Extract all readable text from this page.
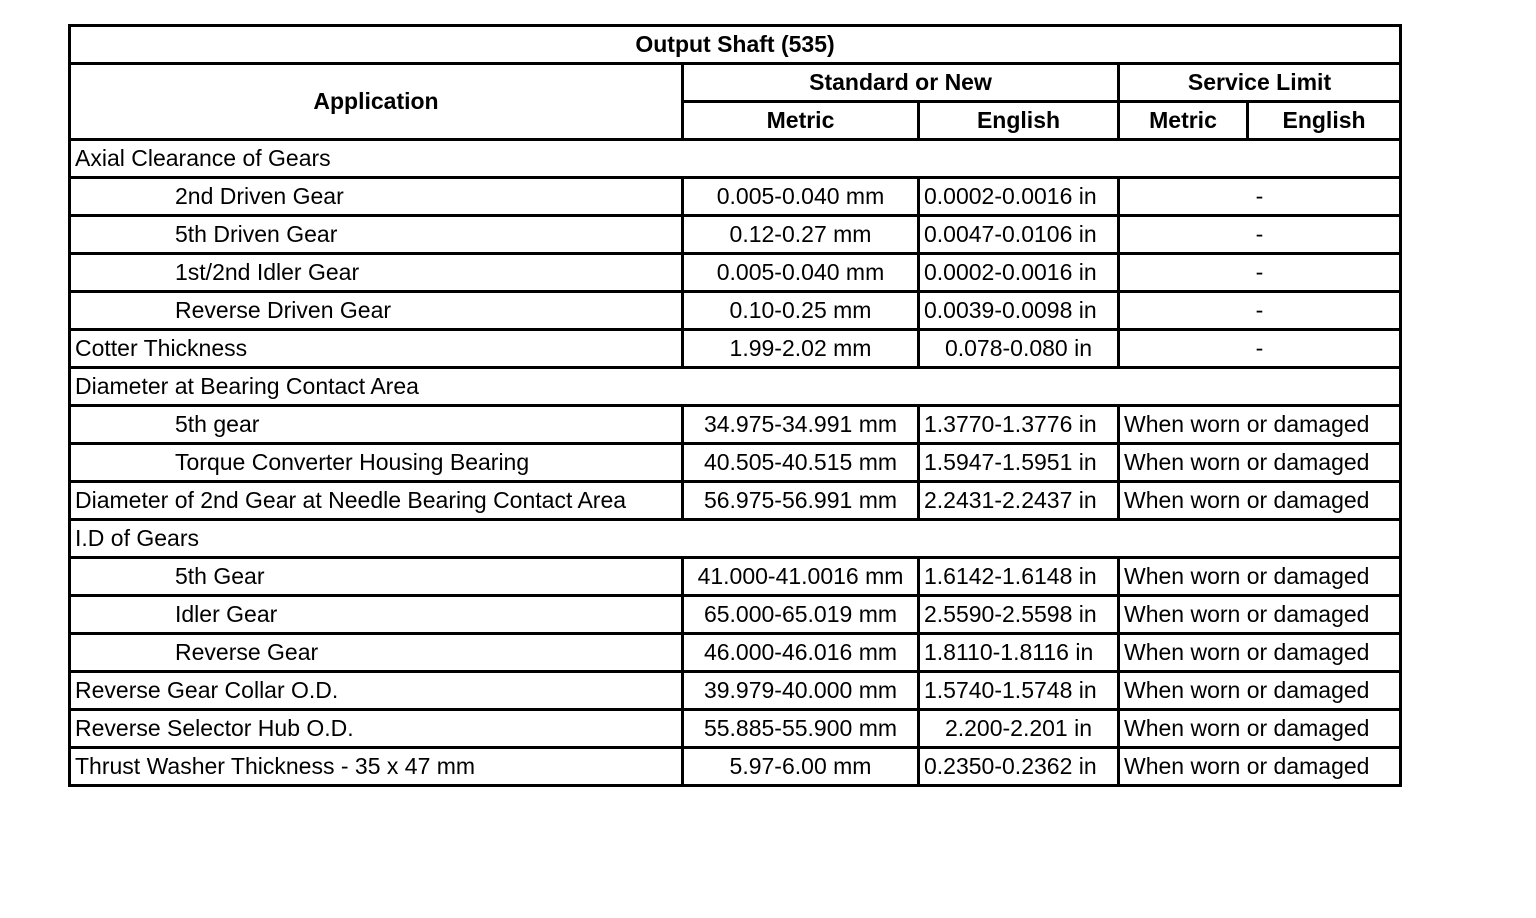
Output Shaft (535)				
Application	Standard or New		Service Limit	
	Metric	English	Metric	English
Axial Clearance of Gears				
2nd Driven Gear	0.005-0.040 mm	0.0002-0.0016 in	-	
5th Driven Gear	0.12-0.27 mm	0.0047-0.0106 in	-	
1st/2nd Idler Gear	0.005-0.040 mm	0.0002-0.0016 in	-	
Reverse Driven Gear	0.10-0.25 mm	0.0039-0.0098 in	-	
Cotter Thickness	1.99-2.02 mm	0.078-0.080 in	-	
Diameter at Bearing Contact Area				
5th gear	34.975-34.991 mm	1.3770-1.3776 in	When worn or damaged	
Torque Converter Housing Bearing	40.505-40.515 mm	1.5947-1.5951 in	When worn or damaged	
Diameter of 2nd Gear at Needle Bearing Contact Area	56.975-56.991 mm	2.2431-2.2437 in	When worn or damaged	
I.D of Gears				
5th Gear	41.000-41.0016 mm	1.6142-1.6148 in	When worn or damaged	
Idler Gear	65.000-65.019 mm	2.5590-2.5598 in	When worn or damaged	
Reverse Gear	46.000-46.016 mm	1.8110-1.8116 in	When worn or damaged	
Reverse Gear Collar O.D.	39.979-40.000 mm	1.5740-1.5748 in	When worn or damaged	
Reverse Selector Hub O.D.	55.885-55.900 mm	2.200-2.201 in	When worn or damaged	
Thrust Washer Thickness - 35 x 47 mm	5.97-6.00 mm	0.2350-0.2362 in	When worn or damaged	
